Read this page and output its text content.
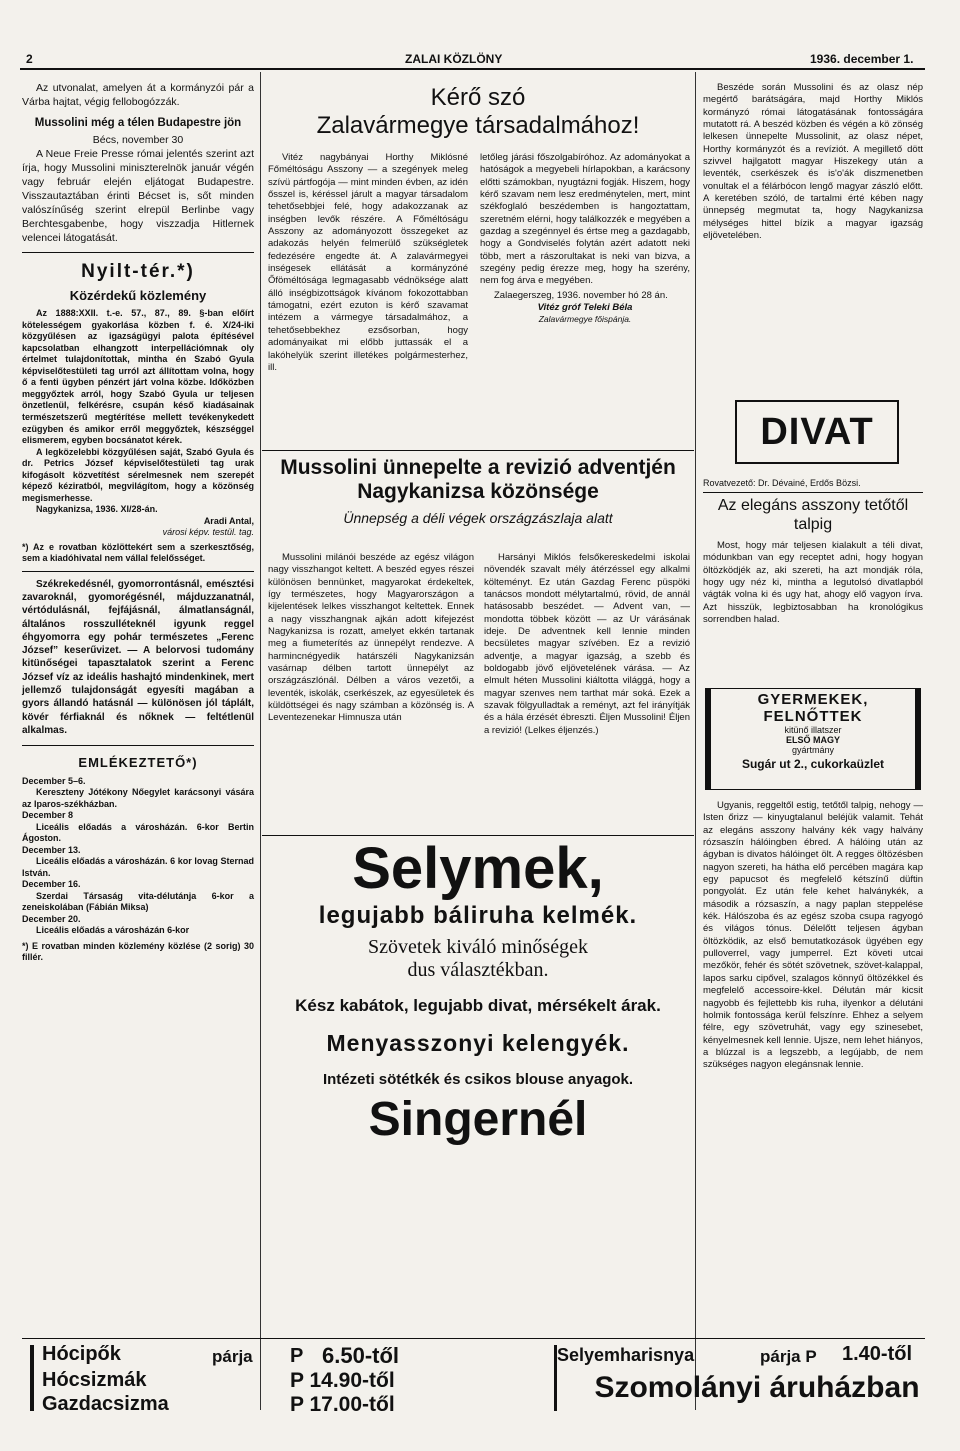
2	ZALAI KÖZLÖNY	1936. december 1.

Az utvonalat, amelyen át a kormányzói pár a Várba hajtat, végig fellobogózzák.

Mussolini még a télen Budapestre jön

Bécs, november 30

A Neue Freie Presse római jelentés szerint azt írja, hogy Mussolini miniszterelnök január végén vagy február elején eljátogat Budapestre. Visszautaztában érinti Bécset is, sőt minden valószínűség szerint elrepül Berlinbe vagy Berchtesgabenbe, hogy viszzadja Hitlernek velencei látogatását.

Nyilt-tér.*)

Közérdekű közlemény

Az 1888:XXII. t.-e. 57., 87., 89. §-ban előírt kötelességem gyakorlása közben f. é. X/24-iki közgyűlésen az igazságügyi palota építésével kapcsolatban elhangzott interpellációmnak oly értelmet tulajdonítottak, mintha én Szabó Gyula képviselőtestületi tag urról azt állítottam volna, hogy ő a fenti ügyben pénzért járt volna közbe. Időközben meggyőztek arról, hogy Szabó Gyula ur teljesen önzetlenül, felkérésre, csupán késő kiadásainak természetszerű megtérítése mellett tevékenykedett ezügyben és amikor erről meggyőztek, készséggel elismerem, egyben bocsánatot kérek.

A legközelebbi közgyűlésen saját, Szabó Gyula és dr. Petrics József képviselőtestületi tag urak kifogásolt közvetítést sérelmesnek nem szerepét képező kéziratból, megvilágítom, hogy a közönség megismerhesse.

Nagykanizsa, 1936. XI/28-án.

Aradi Antal,

városi képv. testül. tag.

*) Az e rovatban közlöttekért sem a szerkesztőség, sem a kiadóhivatal nem vállal felelősséget.

Székrekedésnél, gyomorrontásnál, emésztési zavaroknál, gyomorégésnél, májduzzanatnál, vértódulásnál, fejfájásnál, álmatlanságnál, általános rosszulléteknél igyunk reggel éhgyomorra egy pohár természetes „Ferenc József” keserűvizet. — A belorvosi tudomány kitünőségei tapasztalatok szerint a Ferenc József víz az ideális hashajtó mindenkinek, mert jellemző tulajdonságát egyesíti magában a gyors állandó hatásnál — különösen jól táplált, kövér férfiaknál és nőknek — feltétlenül alkalmas.

EMLÉKEZTETŐ*)

December 5–6.

Kereszteny Jótékony Nőegylet karácsonyi vására az Iparos-székházban.

December 8

Liceális előadás a városházán. 6-kor Bertin Ágoston.

December 13.

Liceális előadás a városházán. 6 kor lovag Sternad István.

December 16.

Szerdai Társaság vita-délutánja 6-kor a zeneiskolában (Fábián Miksa)

December 20.

Liceális előadás a városházán 6-kor

*) E rovatban minden közlemény közlése (2 sorig) 30 fillér.

Kérő szó
Zalavármegye társadalmához!

Vitéz nagybányai Horthy Miklósné Főméltóságu Asszony — a szegények meleg szívü pártfogója — mint minden évben, az idén ősszel is, kéréssel járult a magyar társadalom tehetősebbjei felé, hogy adakozzanak az inségben levők részére. A Főméltóságu Asszony az adományozott összegeket az adakozás helyén felmerülő szükségletek fedezésére engedte át. A zalavármegyei inségesek ellátását a kormányzóné Őföméltósága legmagasabb védnöksége alatt álló inségbizottságok kívánom fokozottabban támogatni, ezért ezuton is kérő szavamat intézem a vármegye társadalmához, a tehetősebbekhez ezsősorban, hogy adományaikat mi előbb juttassák el a lakóhelyük szerint illetékes polgármesterhez, ill.

letőleg járási főszolgabíróhoz. Az adományokat a hatóságok a megyebeli hírlapokban, a karácsony előtti számokban, nyugtázni fogják. Hiszem, hogy kérő szavam nem lesz eredménytelen, mert, mint székfoglaló beszédemben is hangoztattam, szeretném elérni, hogy találkozzék e megyében a gazdag a szegénnyel és értse meg a gazdagabb, hogy a Gondviselés folytán azért adatott neki több, mert a rászorultakat is neki van bizva, a szegény pedig érezze meg, hogy ha szerény, nem fog árva e megyében.

Zalaegerszeg, 1936. november hó 28 án.

Vitéz gróf Teleki Béla

Zalavármegye főispánja.

Mussolini ünnepelte a revizió adventjén
Nagykanizsa közönsége
Ünnepség a déli végek országzászlaja alatt

Mussolini milánói beszéde az egész világon nagy visszhangot keltett. A beszéd egyes részei különösen bennünket, magyarokat érdekeltek, így természetes, hogy Magyarországon a kijelentések lelkes visszhangot keltettek. Ennek a nagy visszhangnak ajkán adott kifejezést Nagykanizsa is rozatt, amelyet ekkén tartanak meg a fiumeterítés az ünnepélyt rendezve. A harmincnégyedik határszéli Nagykanizsán vasárnap délben tartott ünnepélyt az országzászlónál. Délben a város vezetői, a leventék, iskolák, cserkészek, az egyesületek és küldöttségei és nagy számban a közönség is. A Leventezenekar Himnusza után

Harsányi Miklós felsőkereskedelmi iskolai növendék szavalt mély átérzéssel egy alkalmi költeményt. Ez után Gazdag Ferenc püspöki tanácsos mondott mélytartalmú, rövid, de annál hatásosabb beszédet. — Advent van, — mondotta többek között — az Ur várásának ideje. De adventnek kell lennie minden becsületes magyar szívében. Ez a revizió adventje, a magyar igazság, a szebb és boldogabb jövő eljövetelének várása. — Az elmult héten Mussolini kiáltotta világgá, hogy a magyar szenves nem tarthat már soká. Ezek a szavak fölgyulladtak a reményt, azt fel irányítják és a hála érzését ébreszti. Éljen Mussolini! Éljen a revizió! (Lelkes éljenzés.)

Selymek,
legujabb báliruha kelmék.
Szövetek kiváló minőségek
dus választékban.
Kész kabátok, legujabb divat, mérsékelt árak.
Menyasszonyi kelengyék.
Intézeti sötétkék és csikos blouse anyagok.
Singernél

Beszéde során Mussolini és az olasz nép megértő barátságára, majd Horthy Miklós kormányzó római látogatásának fontosságára mutatott rá. A beszéd közben és végén a kö zönség lelkesen ünnepelte Mussolinit, az olasz népet, Horthy kormányzót és a revíziót. A megillető dött szivvel hajlgatott magyar Hiszekegy után a leventék, cserkészek és is'o'ák diszmenetben vonultak el a félárbócon lengő magyar zászló előtt. A keretében szóló, de tartalmi érté kében nagy ünnepség megmutat ta, hogy Nagykanizsa mélységes hittel bízik a magyar igazság eljövetelében.

DIVAT
Rovatvezető: Dr. Dévainé, Erdős Bözsi.
Az elegáns asszony tetőtől talpig

Most, hogy már teljesen kialakult a téli divat, módunkban van egy receptet adni, hogy hogyan öltözködjék az, aki szereti, ha azt mondják róla, hogy ugy néz ki, mintha a legutolsó divatlapból vágták volna ki és ugy hat, ahogy elő vagyon írva. Azt hisszük, legbiztosabban ha kronológikus sorrendben halad.

GYERMEKEK,
FELNŐTTEK
kitünő illatszer
ELSŐ MAGY
gyártmány
Sugár ut 2., cukorkaüzlet

Ugyanis, reggeltől estig, tetőtől talpig, nehogy — Isten őrizz — kinyugtalanul beléjük valamit. Tehát az elegáns asszony halvány kék vagy halvány rózsaszín hálóingben ébred. A hálóing után az ágyban is divatos hálóinget ölt. A regges öltözésben nagyon szereti, ha hátha elő percében magára kap egy papucsot és megfelelő kétszínű düftin pongyolát. Ez után fele kehet halványkék, a második a rózsaszín, a nagy paplan steppelése kék. Hálószoba és az egész szoba csupa ragyogó és világos tónus. Délelőtt teljesen ágyban öltözködik, az első bemutatkozások ügyében egy pulloverrel, vagy jumperrel. Ezt követi utcai mezőkör, fehér és sötét szövetnek, szövet-kalappal, lapos sarku cipővel, szalagos könnyű öltözékkel és megfelelő accessoire-kkel. Délután már kicsit nagyobb és fejlettebb kis ruha, ilyenkor a délutáni holmik fontossága kerül felszínre. Ehhez a selyem félre, egy szövetruhát, vagy egy szinesebet, kényelmesnek kell lennie. Ujsze, nem lehet hiányos, a blúzzal is a legszebb, a legújabb, de nem szükséges nagyon elegánsnak lennie.

Hócipők	párja P 6.50-től	Selyemharisnya	párja P 1.40-től
Hócsizmák	P 14.90-től
Gazdacsizma	P 17.00-től
Szomolányi áruházban
